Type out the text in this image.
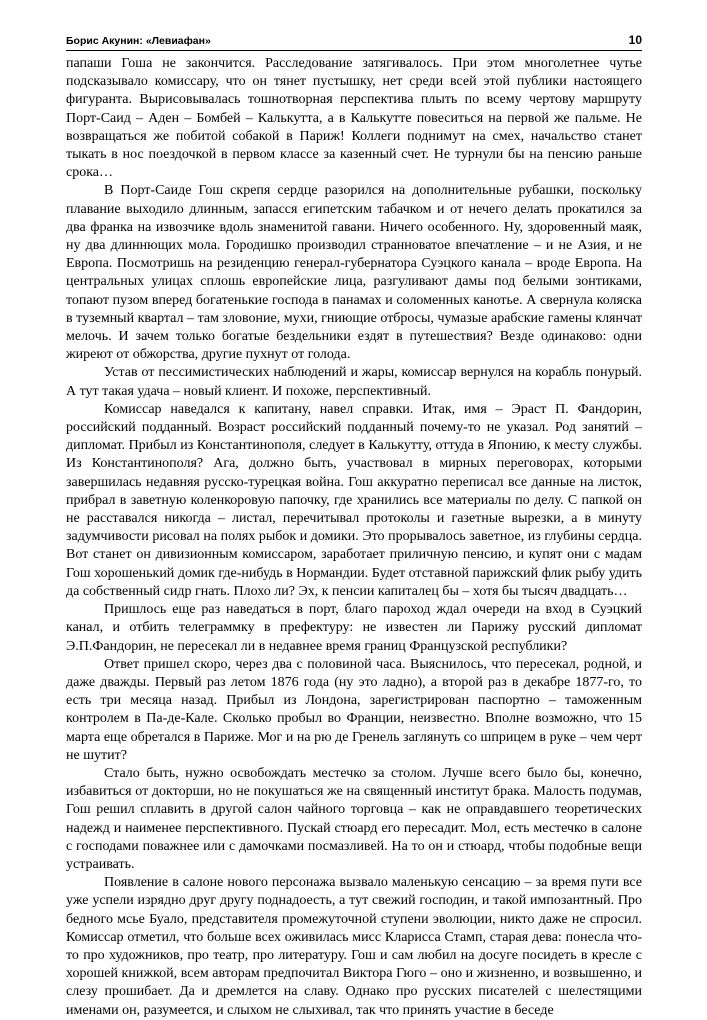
Борис Акунин: «Левиафан»	10

папаши Гоша не закончится. Расследование затягивалось. При этом многолетнее чутье подсказывало комиссару, что он тянет пустышку, нет среди всей этой публики настоящего фигуранта. Вырисовывалась тошнотворная перспектива плыть по всему чертову маршруту Порт-Саид – Аден – Бомбей – Калькутта, а в Калькутте повеситься на первой же пальме. Не возвращаться же побитой собакой в Париж! Коллеги поднимут на смех, начальство станет тыкать в нос поездочкой в первом классе за казенный счет. Не турнули бы на пенсию раньше срока…

В Порт-Саиде Гош скрепя сердце разорился на дополнительные рубашки, поскольку плавание выходило длинным, запасся египетским табачком и от нечего делать прокатился за два франка на извозчике вдоль знаменитой гавани. Ничего особенного. Ну, здоровенный маяк, ну два длиннющих мола. Городишко производил странноватое впечатление – и не Азия, и не Европа. Посмотришь на резиденцию генерал-губернатора Суэцкого канала – вроде Европа. На центральных улицах сплошь европейские лица, разгуливают дамы под белыми зонтиками, топают пузом вперед богатенькие господа в панамах и соломенных канотье. А свернула коляска в туземный квартал – там зловоние, мухи, гниющие отбросы, чумазые арабские гамены клянчат мелочь. И зачем только богатые бездельники ездят в путешествия? Везде одинаково: одни жиреют от обжорства, другие пухнут от голода.

Устав от пессимистических наблюдений и жары, комиссар вернулся на корабль понурый. А тут такая удача – новый клиент. И похоже, перспективный.

Комиссар наведался к капитану, навел справки. Итак, имя – Эраст П. Фандорин, российский подданный. Возраст российский подданный почему-то не указал. Род занятий – дипломат. Прибыл из Константинополя, следует в Калькутту, оттуда в Японию, к месту службы. Из Константинополя? Ага, должно быть, участвовал в мирных переговорах, которыми завершилась недавняя русско-турецкая война. Гош аккуратно переписал все данные на листок, прибрал в заветную коленкоровую папочку, где хранились все материалы по делу. С папкой он не расставался никогда – листал, перечитывал протоколы и газетные вырезки, а в минуту задумчивости рисовал на полях рыбок и домики. Это прорывалось заветное, из глубины сердца. Вот станет он дивизионным комиссаром, заработает приличную пенсию, и купят они с мадам Гош хорошенький домик где-нибудь в Нормандии. Будет отставной парижский флик рыбу удить да собственный сидр гнать. Плохо ли? Эх, к пенсии капиталец бы – хотя бы тысяч двадцать…

Пришлось еще раз наведаться в порт, благо пароход ждал очереди на вход в Суэцкий канал, и отбить телеграммку в префектуру: не известен ли Парижу русский дипломат Э.П.Фандорин, не пересекал ли в недавнее время границ Французской республики?

Ответ пришел скоро, через два с половиной часа. Выяснилось, что пересекал, родной, и даже дважды. Первый раз летом 1876 года (ну это ладно), а второй раз в декабре 1877-го, то есть три месяца назад. Прибыл из Лондона, зарегистрирован паспортно – таможенным контролем в Па-де-Кале. Сколько пробыл во Франции, неизвестно. Вполне возможно, что 15 марта еще обретался в Париже. Мог и на рю де Гренель заглянуть со шприцем в руке – чем черт не шутит?

Стало быть, нужно освобождать местечко за столом. Лучше всего было бы, конечно, избавиться от докторши, но не покушаться же на священный институт брака. Малость подумав, Гош решил сплавить в другой салон чайного торговца – как не оправдавшего теоретических надежд и наименее перспективного. Пускай стюард его пересадит. Мол, есть местечко в салоне с господами поважнее или с дамочками посмазливей. На то он и стюард, чтобы подобные вещи устраивать.

Появление в салоне нового персонажа вызвало маленькую сенсацию – за время пути все уже успели изрядно друг другу поднадоесть, а тут свежий господин, и такой импозантный. Про бедного мсье Буало, представителя промежуточной ступени эволюции, никто даже не спросил. Комиссар отметил, что больше всех оживилась мисс Кларисса Стамп, старая дева: понесла что-то про художников, про театр, про литературу. Гош и сам любил на досуге посидеть в кресле с хорошей книжкой, всем авторам предпочитал Виктора Гюго – оно и жизненно, и возвышенно, и слезу прошибает. Да и дремлется на славу. Однако про русских писателей с шелестящими именами он, разумеется, и слыхом не слыхивал, так что принять участие в беседе
